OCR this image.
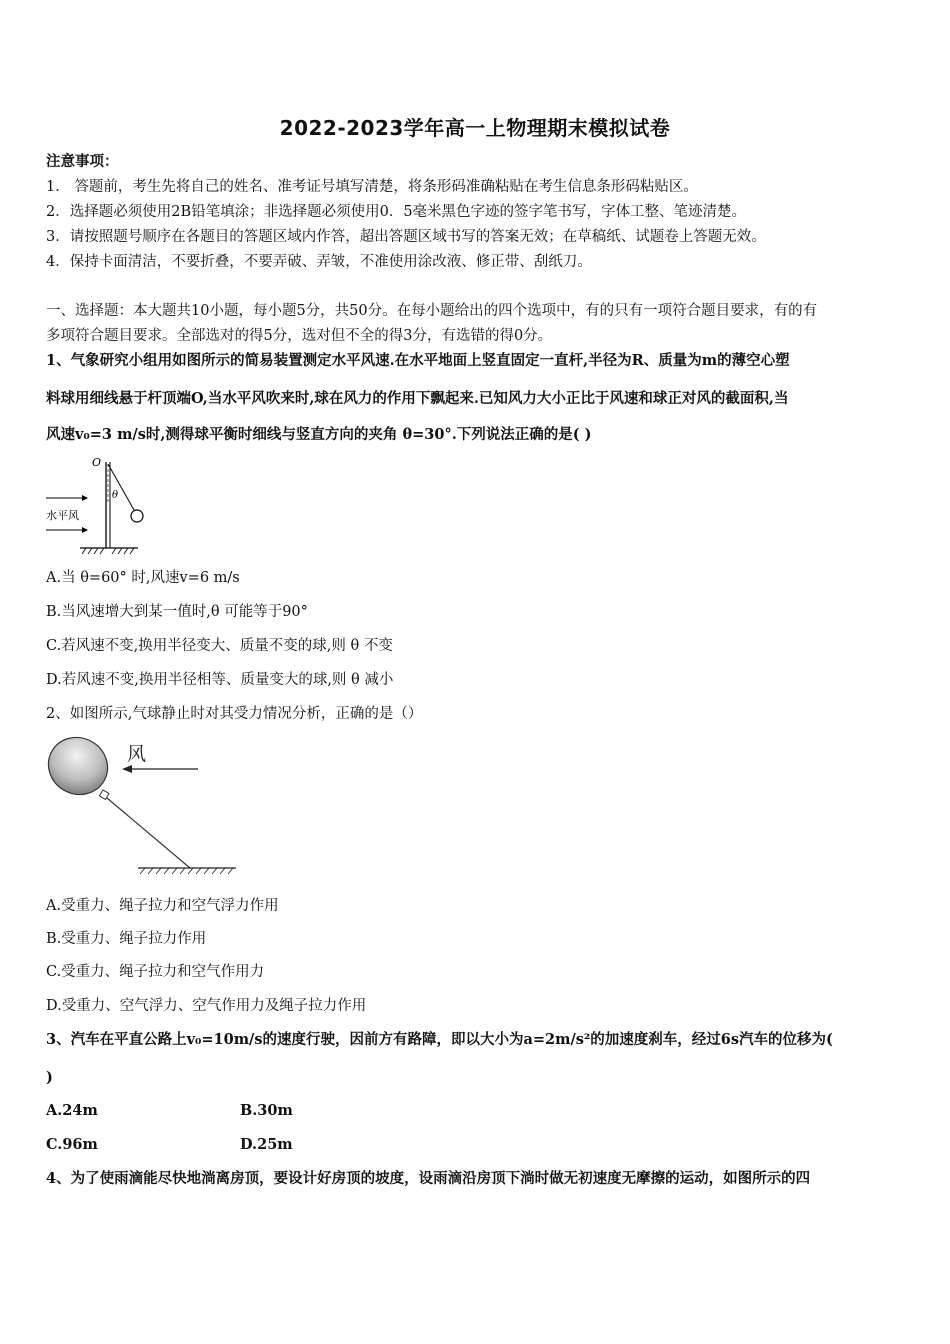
2022-2023学年高一上物理期末模拟试卷
注意事项：
1． 答题前，考生先将自己的姓名、准考证号填写清楚，将条形码准确粘贴在考生信息条形码粘贴区。
2．选择题必须使用2B铅笔填涂；非选择题必须使用0．5毫米黑色字迹的签字笔书写，字体工整、笔迹清楚。
3．请按照题号顺序在各题目的答题区域内作答，超出答题区域书写的答案无效；在草稿纸、试题卷上答题无效。
4．保持卡面清洁，不要折叠，不要弄破、弄皱，不准使用涂改液、修正带、刮纸刀。
一、选择题：本大题共10小题，每小题5分，共50分。在每小题给出的四个选项中，有的只有一项符合题目要求，有的有
多项符合题目要求。全部选对的得5分，选对但不全的得3分，有选错的得0分。
1、气象研究小组用如图所示的简易装置测定水平风速.在水平地面上竖直固定一直杆,半径为R、质量为m的薄空心塑
料球用细线悬于杆顶端O,当水平风吹来时,球在风力的作用下飘起来.已知风力大小正比于风速和球正对风的截面积,当
风速v₀=3 m/s时,测得球平衡时细线与竖直方向的夹角 θ=30°.下列说法正确的是( )
O
θ
水平风
A.当 θ=60° 时,风速v=6 m/s
B.当风速增大到某一值时,θ 可能等于90°
C.若风速不变,换用半径变大、质量不变的球,则 θ 不变
D.若风速不变,换用半径相等、质量变大的球,则 θ 减小
2、如图所示,气球静止时对其受力情况分析，正确的是（）
风
A.受重力、绳子拉力和空气浮力作用
B.受重力、绳子拉力作用
C.受重力、绳子拉力和空气作用力
D.受重力、空气浮力、空气作用力及绳子拉力作用
3、汽车在平直公路上v₀=10m/s的速度行驶，因前方有路障，即以大小为a=2m/s²的加速度刹车，经过6s汽车的位移为(
)
A.24m	B.30m
C.96m	D.25m
4、为了使雨滴能尽快地淌离房顶，要设计好房顶的坡度，设雨滴沿房顶下淌时做无初速度无摩擦的运动，如图所示的四
